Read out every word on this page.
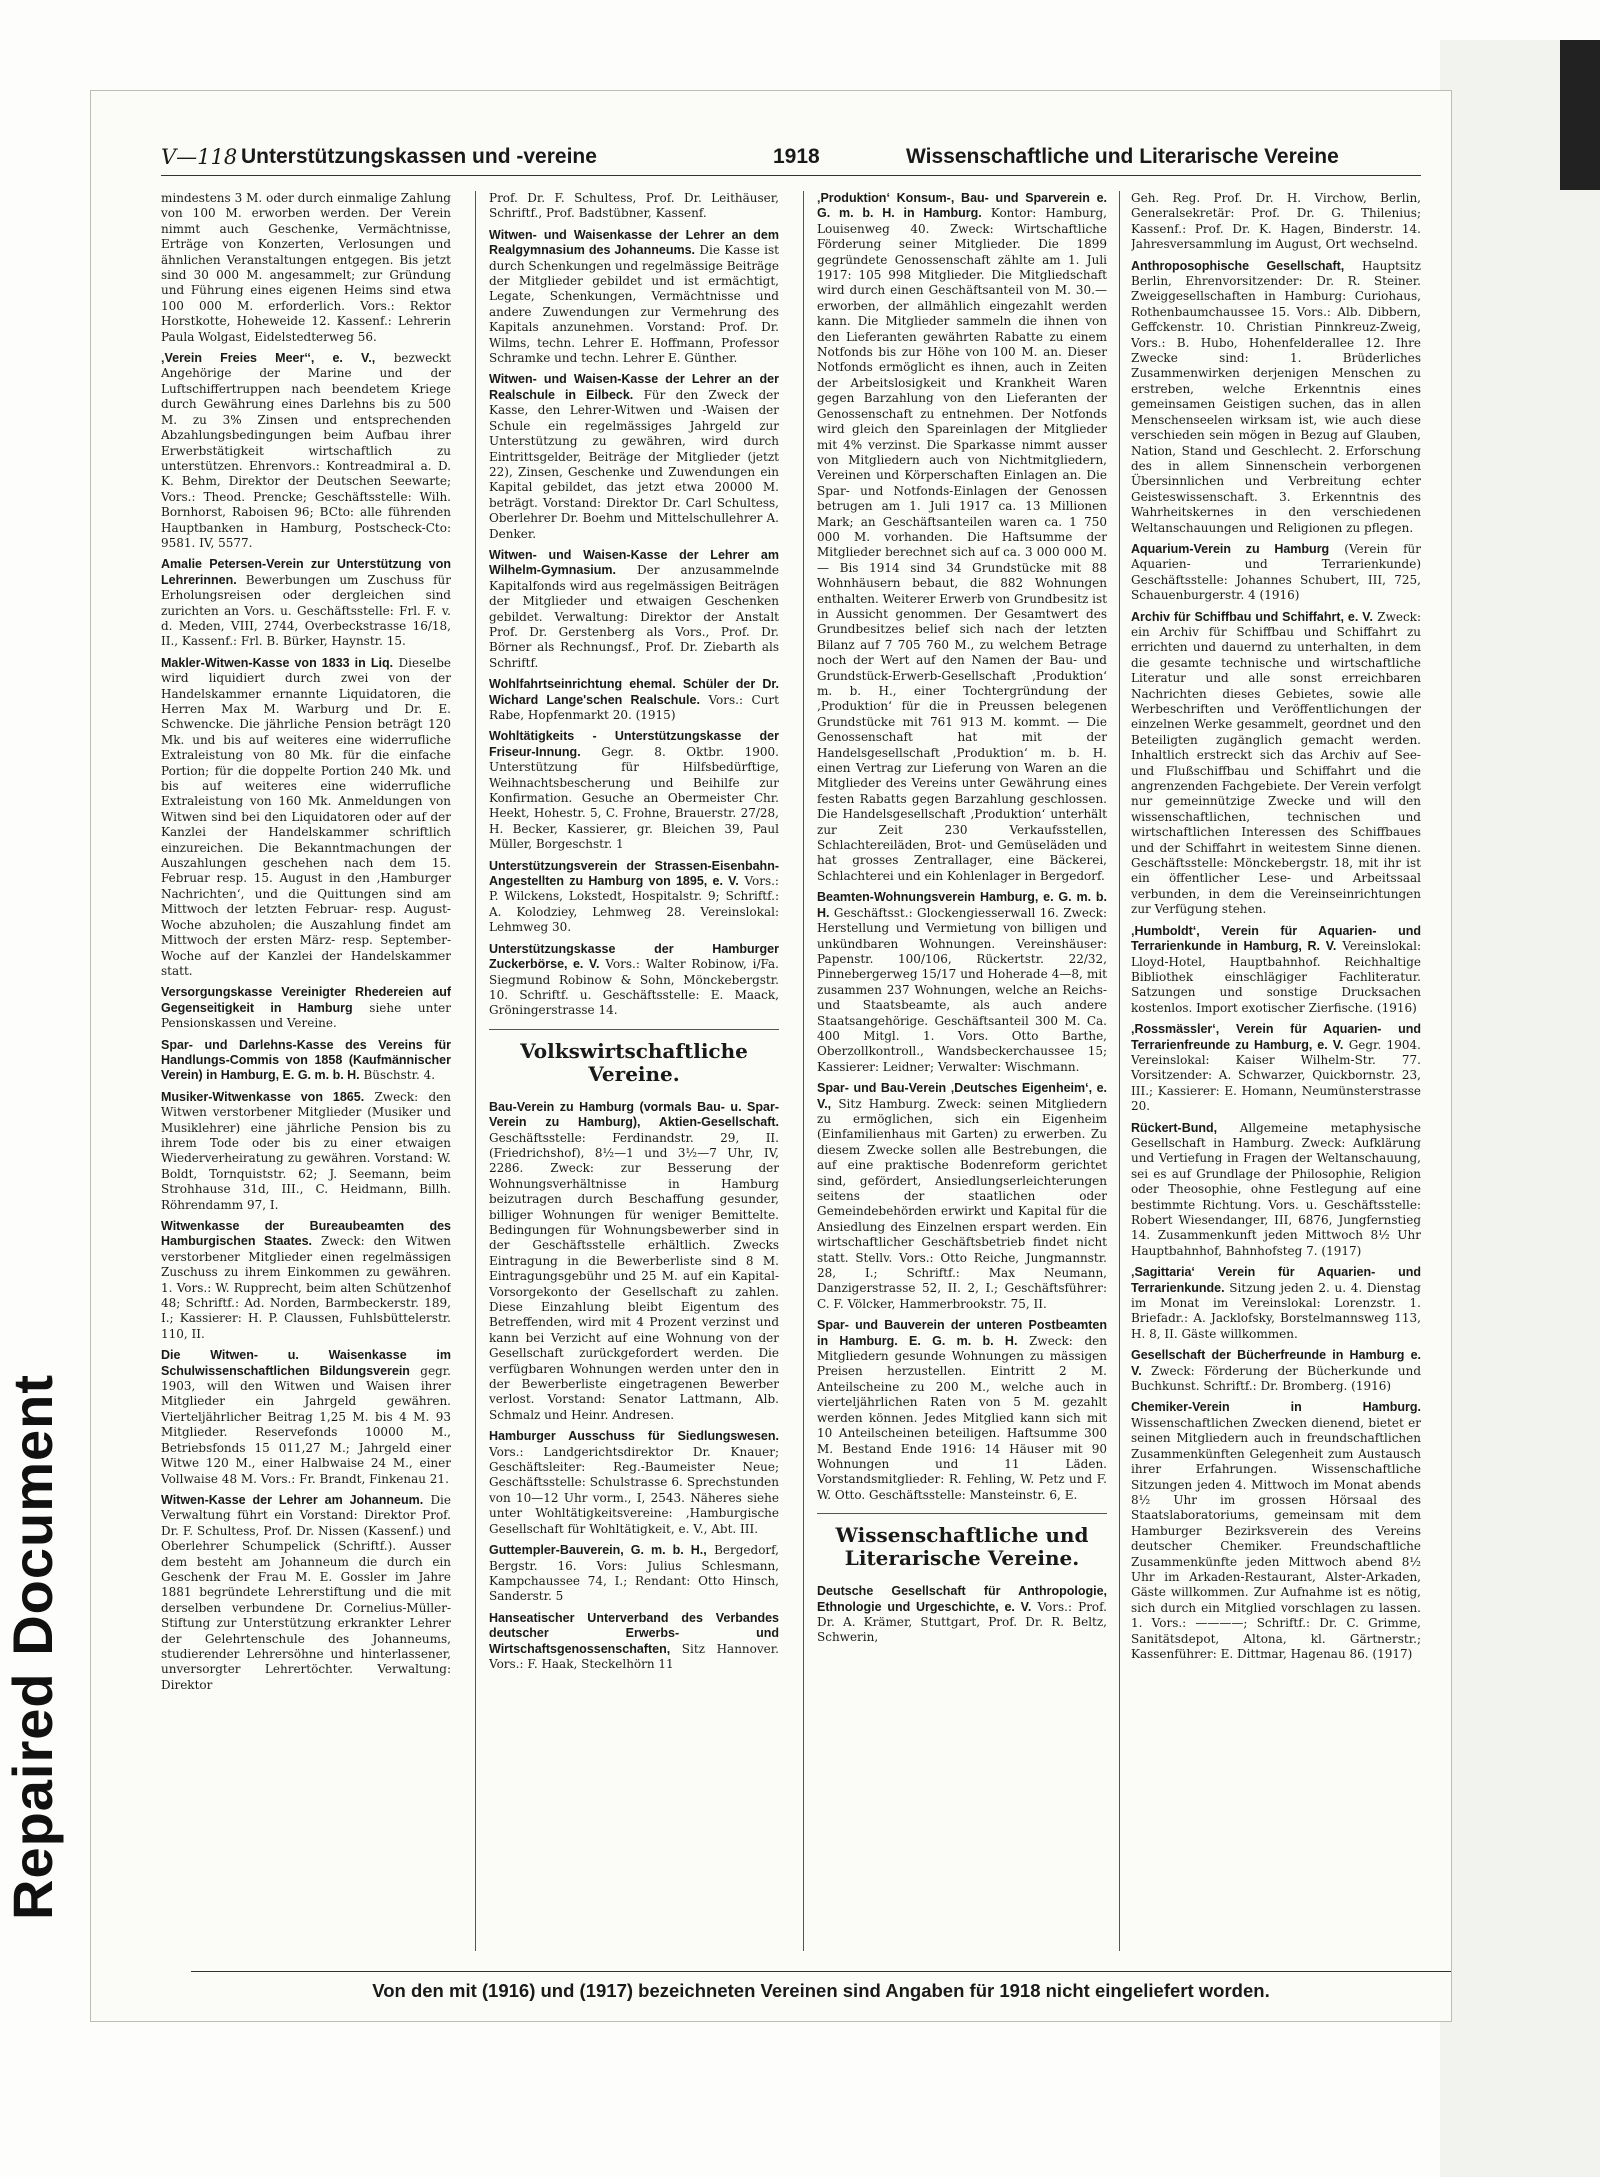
Repaired Document
V—118 Unterstützungskassen und -vereine	1918	Wissenschaftliche und Literarische Vereine
mindestens 3 M. oder durch einmalige Zahlung von 100 M. erworben werden. Der Verein nimmt auch Geschenke, Vermächtnisse, Erträge von Konzerten, Verlosungen und ähnlichen Veranstaltungen entgegen. Bis jetzt sind 30 000 M. angesammelt; zur Gründung und Führung eines eigenen Heims sind etwa 100 000 M. erforderlich. Vors.: Rektor Horstkotte, Hoheweide 12. Kassenf.: Lehrerin Paula Wolgast, Eidelstedterweg 56.
‚Verein Freies Meer‘‘, e. V., bezweckt Angehörige der Marine und der Luftschiffertruppen nach beendetem Kriege durch Gewährung eines Darlehns bis zu 500 M. zu 3% Zinsen und entsprechenden Abzahlungsbedingungen beim Aufbau ihrer Erwerbstätigkeit wirtschaftlich zu unterstützen. Ehrenvors.: Kontreadmiral a. D. K. Behm, Direktor der Deutschen Seewarte; Vors.: Theod. Prencke; Geschäftsstelle: Wilh. Bornhorst, Raboisen 96; BCto: alle führenden Hauptbanken in Hamburg, Postscheck-Cto: 9581. IV, 5577.
Amalie Petersen-Verein zur Unterstützung von Lehrerinnen. Bewerbungen um Zuschuss für Erholungsreisen oder dergleichen sind zurichten an Vors. u. Geschäftsstelle: Frl. F. v. d. Meden, VIII, 2744, Overbeckstrasse 16/18, II., Kassenf.: Frl. B. Bürker, Haynstr. 15.
Makler-Witwen-Kasse von 1833 in Liq. Dieselbe wird liquidiert durch zwei von der Handelskammer ernannte Liquidatoren, die Herren Max M. Warburg und Dr. E. Schwencke. Die jährliche Pension beträgt 120 Mk. und bis auf weiteres eine widerrufliche Extraleistung von 80 Mk. für die einfache Portion; für die doppelte Portion 240 Mk. und bis auf weiteres eine widerrufliche Extraleistung von 160 Mk. Anmeldungen von Witwen sind bei den Liquidatoren oder auf der Kanzlei der Handelskammer schriftlich einzureichen. Die Bekanntmachungen der Auszahlungen geschehen nach dem 15. Februar resp. 15. August in den ‚Hamburger Nachrichten‘, und die Quittungen sind am Mittwoch der letzten Februar- resp. August-Woche abzuholen; die Auszahlung findet am Mittwoch der ersten März- resp. September-Woche auf der Kanzlei der Handelskammer statt.
Versorgungskasse Vereinigter Rhedereien auf Gegenseitigkeit in Hamburg siehe unter Pensionskassen und Vereine.
Spar- und Darlehns-Kasse des Vereins für Handlungs-Commis von 1858 (Kaufmännischer Verein) in Hamburg, E. G. m. b. H. Büschstr. 4.
Musiker-Witwenkasse von 1865. Zweck: den Witwen verstorbener Mitglieder (Musiker und Musiklehrer) eine jährliche Pension bis zu ihrem Tode oder bis zu einer etwaigen Wiederverheiratung zu gewähren. Vorstand: W. Boldt, Tornquiststr. 62; J. Seemann, beim Strohhause 31d, III., C. Heidmann, Billh. Röhrendamm 97, I.
Witwenkasse der Bureaubeamten des Hamburgischen Staates. Zweck: den Witwen verstorbener Mitglieder einen regelmässigen Zuschuss zu ihrem Einkommen zu gewähren. 1. Vors.: W. Rupprecht, beim alten Schützenhof 48; Schriftf.: Ad. Norden, Barmbeckerstr. 189, I.; Kassierer: H. P. Claussen, Fuhlsbüttelerstr. 110, II.
Die Witwen- u. Waisenkasse im Schulwissenschaftlichen Bildungsverein gegr. 1903, will den Witwen und Waisen ihrer Mitglieder ein Jahrgeld gewähren. Vierteljährlicher Beitrag 1,25 M. bis 4 M. 93 Mitglieder. Reservefonds 10000 M., Betriebsfonds 15 011,27 M.; Jahrgeld einer Witwe 120 M., einer Halbwaise 24 M., einer Vollwaise 48 M. Vors.: Fr. Brandt, Finkenau 21.
Witwen-Kasse der Lehrer am Johanneum. Die Verwaltung führt ein Vorstand: Direktor Prof. Dr. F. Schultess, Prof. Dr. Nissen (Kassenf.) und Oberlehrer Schumpelick (Schriftf.). Ausser dem besteht am Johanneum die durch ein Geschenk der Frau M. E. Gossler im Jahre 1881 begründete Lehrerstiftung und die mit derselben verbundene Dr. Cornelius-Müller-Stiftung zur Unterstützung erkrankter Lehrer der Gelehrtenschule des Johanneums, studierender Lehrersöhne und hinterlassener, unversorgter Lehrertöchter. Verwaltung: Direktor
Prof. Dr. F. Schultess, Prof. Dr. Leithäuser, Schriftf., Prof. Badstübner, Kassenf.
Witwen- und Waisenkasse der Lehrer an dem Realgymnasium des Johanneums. Die Kasse ist durch Schenkungen und regelmässige Beiträge der Mitglieder gebildet und ist ermächtigt, Legate, Schenkungen, Vermächtnisse und andere Zuwendungen zur Vermehrung des Kapitals anzunehmen. Vorstand: Prof. Dr. Wilms, techn. Lehrer E. Hoffmann, Professor Schramke und techn. Lehrer E. Günther.
Witwen- und Waisen-Kasse der Lehrer an der Realschule in Eilbeck. Für den Zweck der Kasse, den Lehrer-Witwen und -Waisen der Schule ein regelmässiges Jahrgeld zur Unterstützung zu gewähren, wird durch Eintrittsgelder, Beiträge der Mitglieder (jetzt 22), Zinsen, Geschenke und Zuwendungen ein Kapital gebildet, das jetzt etwa 20000 M. beträgt. Vorstand: Direktor Dr. Carl Schultess, Oberlehrer Dr. Boehm und Mittelschullehrer A. Denker.
Witwen- und Waisen-Kasse der Lehrer am Wilhelm-Gymnasium. Der anzusammelnde Kapitalfonds wird aus regelmässigen Beiträgen der Mitglieder und etwaigen Geschenken gebildet. Verwaltung: Direktor der Anstalt Prof. Dr. Gerstenberg als Vors., Prof. Dr. Börner als Rechnungsf., Prof. Dr. Ziebarth als Schriftf.
Wohlfahrtseinrichtung ehemal. Schüler der Dr. Wichard Lange'schen Realschule. Vors.: Curt Rabe, Hopfenmarkt 20. (1915)
Wohltätigkeits - Unterstützungskasse der Friseur-Innung. Gegr. 8. Oktbr. 1900. Unterstützung für Hilfsbedürftige, Weihnachtsbescherung und Beihilfe zur Konfirmation. Gesuche an Obermeister Chr. Heekt, Hohestr. 5, C. Frohne, Brauerstr. 27/28, H. Becker, Kassierer, gr. Bleichen 39, Paul Müller, Borgeschstr. 1
Unterstützungsverein der Strassen-Eisenbahn-Angestellten zu Hamburg von 1895, e. V. Vors.: P. Wilckens, Lokstedt, Hospitalstr. 9; Schriftf.: A. Kolodziey, Lehmweg 28. Vereinslokal: Lehmweg 30.
Unterstützungskasse der Hamburger Zuckerbörse, e. V. Vors.: Walter Robinow, i/Fa. Siegmund Robinow & Sohn, Mönckebergstr. 10. Schriftf. u. Geschäftsstelle: E. Maack, Gröningerstrasse 14.
Volkswirtschaftliche Vereine.
Bau-Verein zu Hamburg (vormals Bau- u. Spar-Verein zu Hamburg), Aktien-Gesellschaft. Geschäftsstelle: Ferdinandstr. 29, II. (Friedrichshof), 8½—1 und 3½—7 Uhr, IV, 2286. Zweck: zur Besserung der Wohnungsverhältnisse in Hamburg beizutragen durch Beschaffung gesunder, billiger Wohnungen für weniger Bemittelte. Bedingungen für Wohnungsbewerber sind in der Geschäftsstelle erhältlich. Zwecks Eintragung in die Bewerberliste sind 8 M. Eintragungsgebühr und 25 M. auf ein Kapital-Vorsorgekonto der Gesellschaft zu zahlen. Diese Einzahlung bleibt Eigentum des Betreffenden, wird mit 4 Prozent verzinst und kann bei Verzicht auf eine Wohnung von der Gesellschaft zurückgefordert werden. Die verfügbaren Wohnungen werden unter den in der Bewerberliste eingetragenen Bewerber verlost. Vorstand: Senator Lattmann, Alb. Schmalz und Heinr. Andresen.
Hamburger Ausschuss für Siedlungswesen. Vors.: Landgerichtsdirektor Dr. Knauer; Geschäftsleiter: Reg.-Baumeister Neue; Geschäftsstelle: Schulstrasse 6. Sprechstunden von 10—12 Uhr vorm., I, 2543. Näheres siehe unter Wohltätigkeitsvereine: ‚Hamburgische Gesellschaft für Wohltätigkeit, e. V., Abt. III.
Guttempler-Bauverein, G. m. b. H., Bergedorf, Bergstr. 16. Vors: Julius Schlesmann, Kampchaussee 74, I.; Rendant: Otto Hinsch, Sanderstr. 5
Hanseatischer Unterverband des Verbandes deutscher Erwerbs- und Wirtschaftsgenossenschaften, Sitz Hannover. Vors.: F. Haak, Steckelhörn 11
‚Produktion‘ Konsum-, Bau- und Sparverein e. G. m. b. H. in Hamburg. Kontor: Hamburg, Louisenweg 40. Zweck: Wirtschaftliche Förderung seiner Mitglieder. Die 1899 gegründete Genossenschaft zählte am 1. Juli 1917: 105 998 Mitglieder. Die Mitgliedschaft wird durch einen Geschäftsanteil von M. 30.— erworben, der allmählich eingezahlt werden kann. Die Mitglieder sammeln die ihnen von den Lieferanten gewährten Rabatte zu einem Notfonds bis zur Höhe von 100 M. an. Dieser Notfonds ermöglicht es ihnen, auch in Zeiten der Arbeitslosigkeit und Krankheit Waren gegen Barzahlung von den Lieferanten der Genossenschaft zu entnehmen. Der Notfonds wird gleich den Spareinlagen der Mitglieder mit 4% verzinst. Die Sparkasse nimmt ausser von Mitgliedern auch von Nichtmitgliedern, Vereinen und Körperschaften Einlagen an. Die Spar- und Notfonds-Einlagen der Genossen betrugen am 1. Juli 1917 ca. 13 Millionen Mark; an Geschäftsanteilen waren ca. 1 750 000 M. vorhanden. Die Haftsumme der Mitglieder berechnet sich auf ca. 3 000 000 M. — Bis 1914 sind 34 Grundstücke mit 88 Wohnhäusern bebaut, die 882 Wohnungen enthalten. Weiterer Erwerb von Grundbesitz ist in Aussicht genommen. Der Gesamtwert des Grundbesitzes belief sich nach der letzten Bilanz auf 7 705 760 M., zu welchem Betrage noch der Wert auf den Namen der Bau- und Grundstück-Erwerb-Gesellschaft ‚Produktion‘ m. b. H., einer Tochtergründung der ‚Produktion‘ für die in Preussen belegenen Grundstücke mit 761 913 M. kommt. — Die Genossenschaft hat mit der Handelsgesellschaft ‚Produktion‘ m. b. H. einen Vertrag zur Lieferung von Waren an die Mitglieder des Vereins unter Gewährung eines festen Rabatts gegen Barzahlung geschlossen. Die Handelsgesellschaft ‚Produktion‘ unterhält zur Zeit 230 Verkaufsstellen, Schlachtereiläden, Brot- und Gemüseläden und hat grosses Zentrallager, eine Bäckerei, Schlachterei und ein Kohlenlager in Bergedorf.
Beamten-Wohnungsverein Hamburg, e. G. m. b. H. Geschäftsst.: Glockengiesserwall 16. Zweck: Herstellung und Vermietung von billigen und unkündbaren Wohnungen. Vereinshäuser: Papenstr. 100/106, Rückertstr. 22/32, Pinnebergerweg 15/17 und Hoherade 4—8, mit zusammen 237 Wohnungen, welche an Reichs- und Staatsbeamte, als auch andere Staatsangehörige. Geschäftsanteil 300 M. Ca. 400 Mitgl. 1. Vors. Otto Barthe, Oberzollkontroll., Wandsbeckerchaussee 15; Kassierer: Leidner; Verwalter: Wischmann.
Spar- und Bau-Verein ‚Deutsches Eigenheim‘, e. V., Sitz Hamburg. Zweck: seinen Mitgliedern zu ermöglichen, sich ein Eigenheim (Einfamilienhaus mit Garten) zu erwerben. Zu diesem Zwecke sollen alle Bestrebungen, die auf eine praktische Bodenreform gerichtet sind, gefördert, Ansiedlungserleichterungen seitens der staatlichen oder Gemeindebehörden erwirkt und Kapital für die Ansiedlung des Einzelnen erspart werden. Ein wirtschaftlicher Geschäftsbetrieb findet nicht statt. Stellv. Vors.: Otto Reiche, Jungmannstr. 28, I.; Schriftf.: Max Neumann, Danzigerstrasse 52, II. 2, I.; Geschäftsführer: C. F. Völcker, Hammerbrookstr. 75, II.
Spar- und Bauverein der unteren Postbeamten in Hamburg. E. G. m. b. H. Zweck: den Mitgliedern gesunde Wohnungen zu mässigen Preisen herzustellen. Eintritt 2 M. Anteilscheine zu 200 M., welche auch in vierteljährlichen Raten von 5 M. gezahlt werden können. Jedes Mitglied kann sich mit 10 Anteilscheinen beteiligen. Haftsumme 300 M. Bestand Ende 1916: 14 Häuser mit 90 Wohnungen und 11 Läden. Vorstandsmitglieder: R. Fehling, W. Petz und F. W. Otto. Geschäftsstelle: Mansteinstr. 6, E.
Wissenschaftliche und Literarische Vereine.
Deutsche Gesellschaft für Anthropologie, Ethnologie und Urgeschichte, e. V. Vors.: Prof. Dr. A. Krämer, Stuttgart, Prof. Dr. R. Beltz, Schwerin,
Geh. Reg. Prof. Dr. H. Virchow, Berlin, Generalsekretär: Prof. Dr. G. Thilenius; Kassenf.: Prof. Dr. K. Hagen, Binderstr. 14. Jahresversammlung im August, Ort wechselnd.
Anthroposophische Gesellschaft, Hauptsitz Berlin, Ehrenvorsitzender: Dr. R. Steiner. Zweiggesellschaften in Hamburg: Curiohaus, Rothenbaumchaussee 15. Vors.: Alb. Dibbern, Geffckenstr. 10. Christian Pinnkreuz-Zweig, Vors.: B. Hubo, Hohenfelderallee 12. Ihre Zwecke sind: 1. Brüderliches Zusammenwirken derjenigen Menschen zu erstreben, welche Erkenntnis eines gemeinsamen Geistigen suchen, das in allen Menschenseelen wirksam ist, wie auch diese verschieden sein mögen in Bezug auf Glauben, Nation, Stand und Geschlecht. 2. Erforschung des in allem Sinnenschein verborgenen Übersinnlichen und Verbreitung echter Geisteswissenschaft. 3. Erkenntnis des Wahrheitskernes in den verschiedenen Weltanschauungen und Religionen zu pflegen.
Aquarium-Verein zu Hamburg (Verein für Aquarien- und Terrarienkunde) Geschäftsstelle: Johannes Schubert, III, 725, Schauenburgerstr. 4 (1916)
Archiv für Schiffbau und Schiffahrt, e. V. Zweck: ein Archiv für Schiffbau und Schiffahrt zu errichten und dauernd zu unterhalten, in dem die gesamte technische und wirtschaftliche Literatur und alle sonst erreichbaren Nachrichten dieses Gebietes, sowie alle Werbeschriften und Veröffentlichungen der einzelnen Werke gesammelt, geordnet und den Beteiligten zugänglich gemacht werden. Inhaltlich erstreckt sich das Archiv auf See- und Flußschiffbau und Schiffahrt und die angrenzenden Fachgebiete. Der Verein verfolgt nur gemeinnützige Zwecke und will den wissenschaftlichen, technischen und wirtschaftlichen Interessen des Schiffbaues und der Schiffahrt in weitestem Sinne dienen. Geschäftsstelle: Mönckebergstr. 18, mit ihr ist ein öffentlicher Lese- und Arbeitssaal verbunden, in dem die Vereinseinrichtungen zur Verfügung stehen.
‚Humboldt‘, Verein für Aquarien- und Terrarienkunde in Hamburg, R. V. Vereinslokal: Lloyd-Hotel, Hauptbahnhof. Reichhaltige Bibliothek einschlägiger Fachliteratur. Satzungen und sonstige Drucksachen kostenlos. Import exotischer Zierfische. (1916)
‚Rossmässler‘, Verein für Aquarien- und Terrarienfreunde zu Hamburg, e. V. Gegr. 1904. Vereinslokal: Kaiser Wilhelm-Str. 77. Vorsitzender: A. Schwarzer, Quickbornstr. 23, III.; Kassierer: E. Homann, Neumünsterstrasse 20.
Rückert-Bund, Allgemeine metaphysische Gesellschaft in Hamburg. Zweck: Aufklärung und Vertiefung in Fragen der Weltanschauung, sei es auf Grundlage der Philosophie, Religion oder Theosophie, ohne Festlegung auf eine bestimmte Richtung. Vors. u. Geschäftsstelle: Robert Wiesendanger, III, 6876, Jungfernstieg 14. Zusammenkunft jeden Mittwoch 8½ Uhr Hauptbahnhof, Bahnhofsteg 7. (1917)
‚Sagittaria‘ Verein für Aquarien- und Terrarienkunde. Sitzung jeden 2. u. 4. Dienstag im Monat im Vereinslokal: Lorenzstr. 1. Briefadr.: A. Jacklofsky, Borstelmannsweg 113, H. 8, II. Gäste willkommen.
Gesellschaft der Bücherfreunde in Hamburg e. V. Zweck: Förderung der Bücherkunde und Buchkunst. Schriftf.: Dr. Bromberg. (1916)
Chemiker-Verein in Hamburg. Wissenschaftlichen Zwecken dienend, bietet er seinen Mitgliedern auch in freundschaftlichen Zusammenkünften Gelegenheit zum Austausch ihrer Erfahrungen. Wissenschaftliche Sitzungen jeden 4. Mittwoch im Monat abends 8½ Uhr im grossen Hörsaal des Staatslaboratoriums, gemeinsam mit dem Hamburger Bezirksverein des Vereins deutscher Chemiker. Freundschaftliche Zusammenkünfte jeden Mittwoch abend 8½ Uhr im Arkaden-Restaurant, Alster-Arkaden, Gäste willkommen. Zur Aufnahme ist es nötig, sich durch ein Mitglied vorschlagen zu lassen. 1. Vors.: ————; Schriftf.: Dr. C. Grimme, Sanitätsdepot, Altona, kl. Gärtnerstr.; Kassenführer: E. Dittmar, Hagenau 86. (1917)
Von den mit (1916) und (1917) bezeichneten Vereinen sind Angaben für 1918 nicht eingeliefert worden.
